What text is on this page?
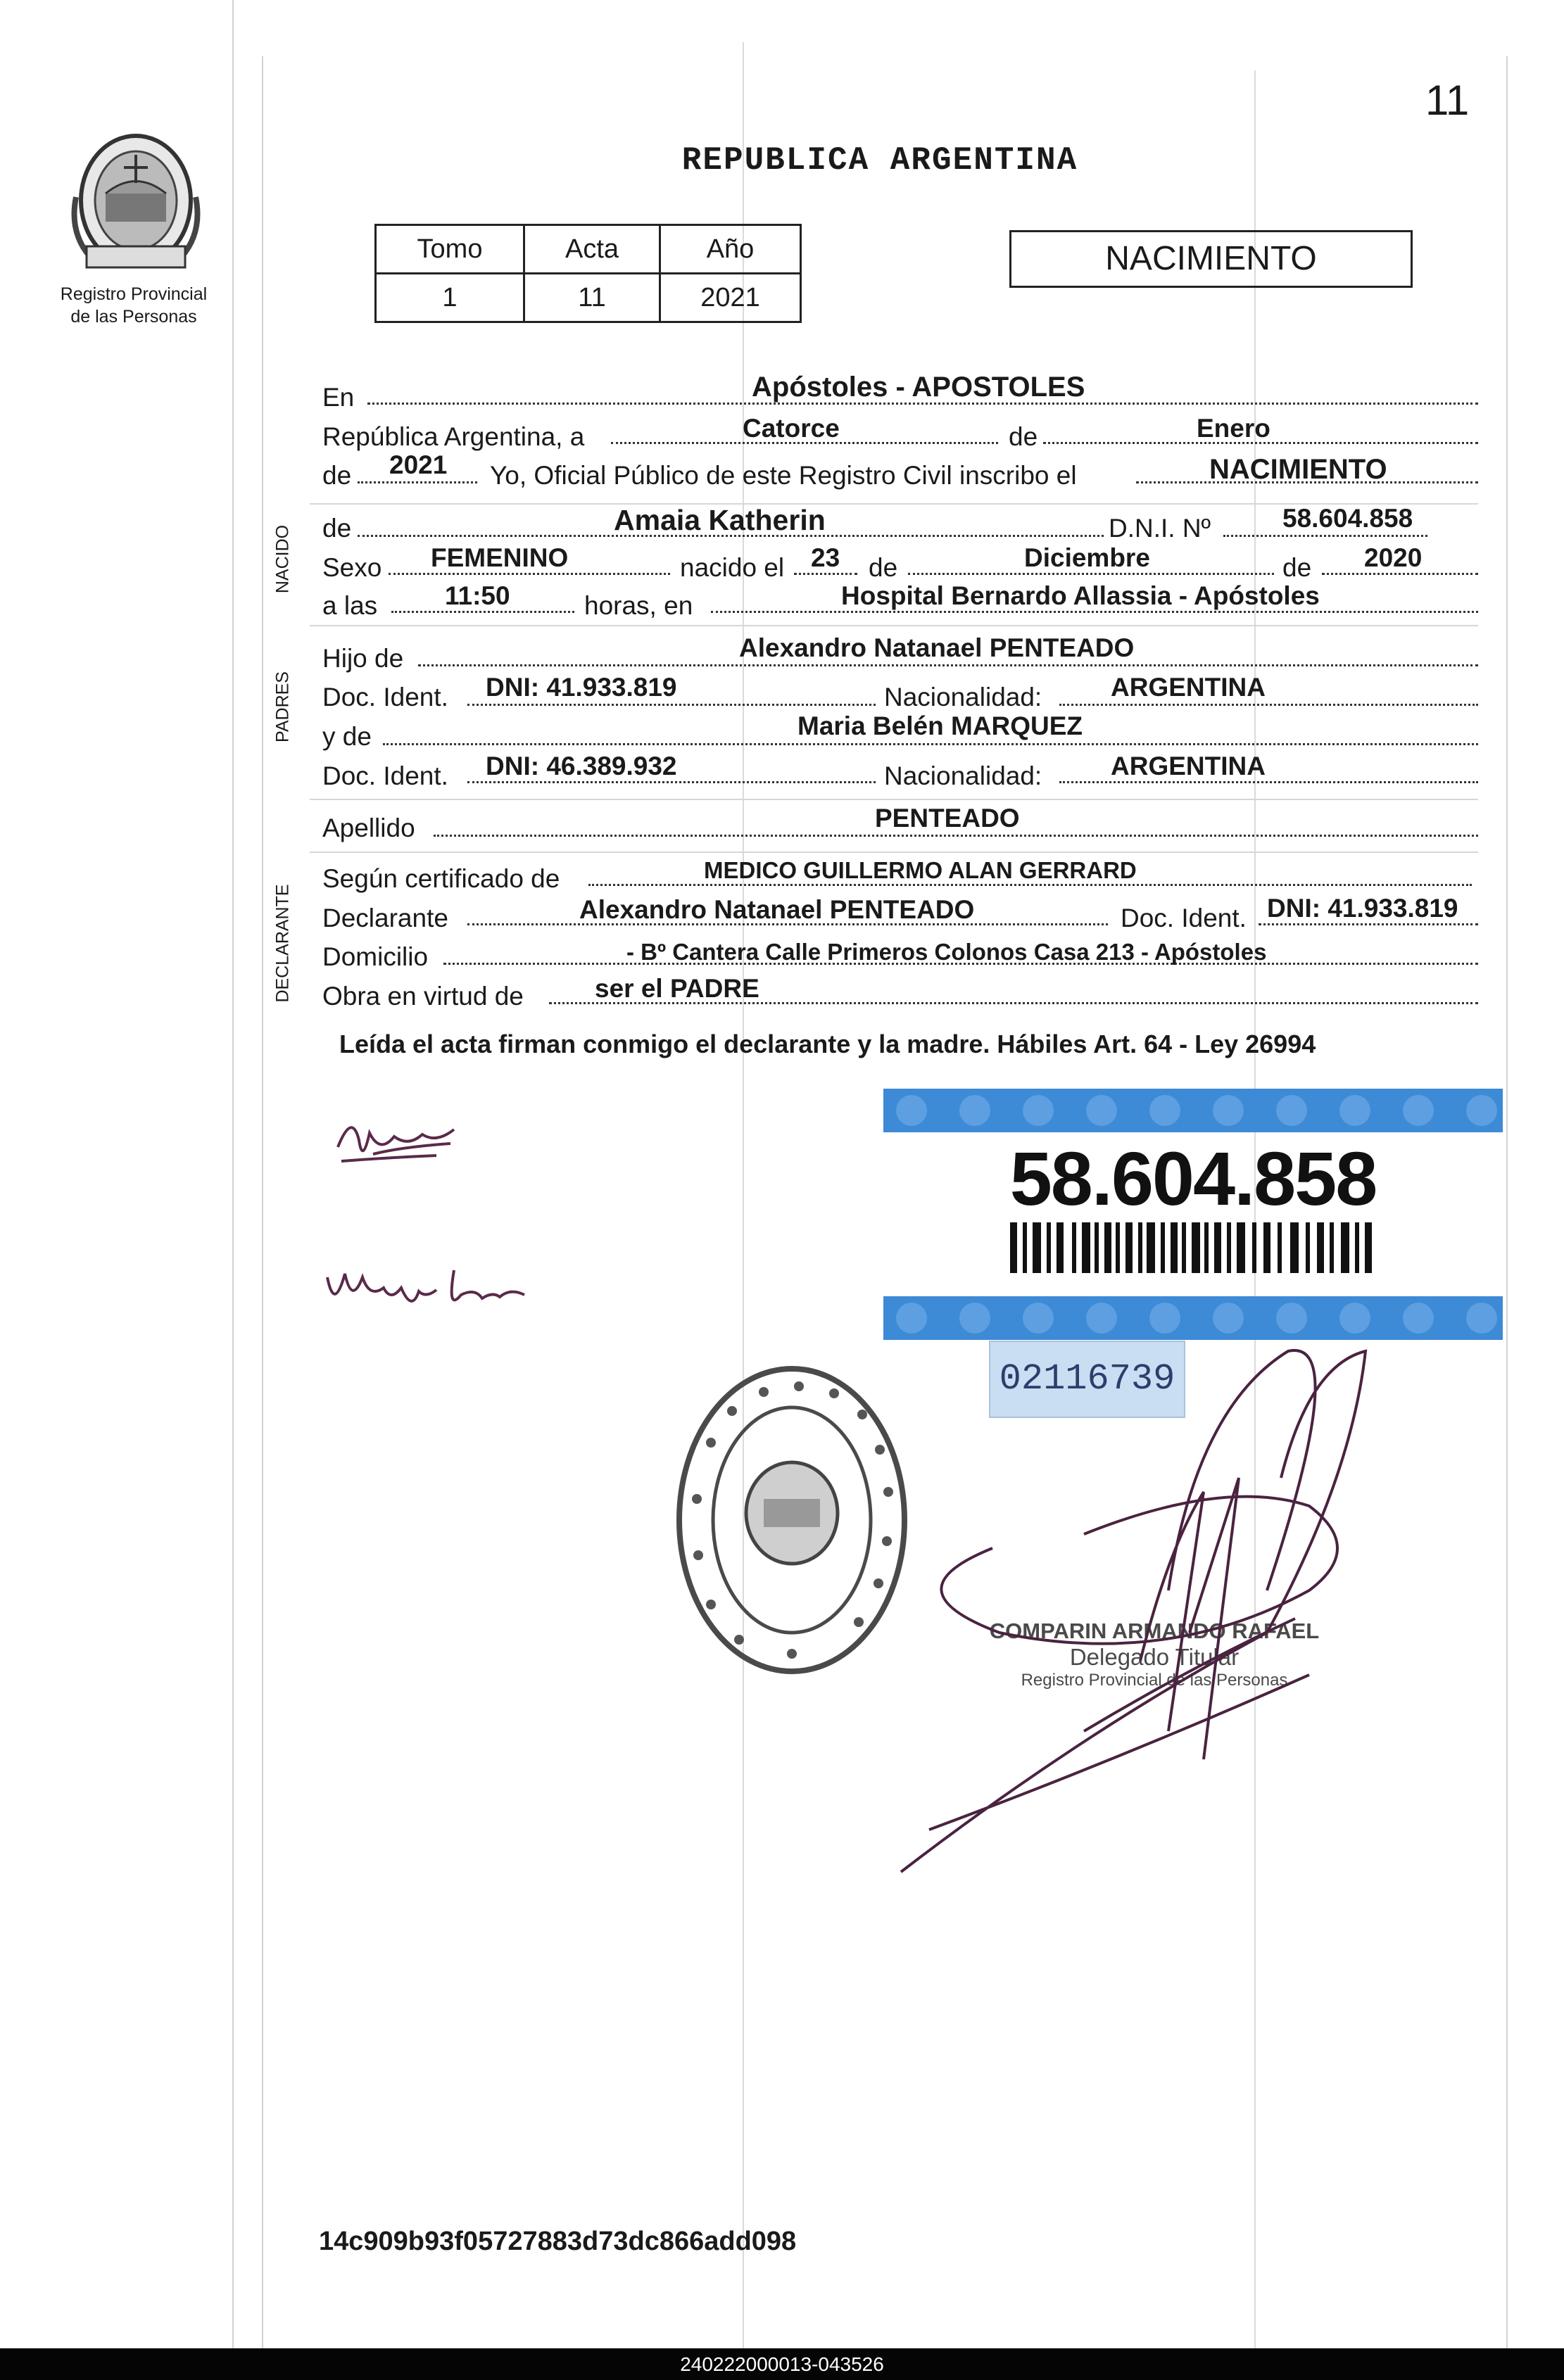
11
REPUBLICA ARGENTINA
Registro Provincial
de las Personas
Tomo	Acta	Año
1	11	2021
NACIMIENTO
En	Apóstoles - APOSTOLES
República Argentina, a	Catorce	de	Enero
de 2021 Yo, Oficial Público de este Registro Civil inscribo el	NACIMIENTO
NACIDO de	Amaia Katherin	D.N.I. Nº	58.604.858
Sexo FEMENINO	nacido el 23 de	Diciembre	de 2020
a las	11:50	horas, en	Hospital Bernardo Allassia - Apóstoles
PADRES
Hijo de	Alexandro Natanael PENTEADO
Doc. Ident. DNI: 41.933.819	Nacionalidad:	ARGENTINA
y de	Maria Belén MARQUEZ
Doc. Ident. DNI: 46.389.932	Nacionalidad:	ARGENTINA
Apellido	PENTEADO
DECLARANTE
Según certificado de	MEDICO GUILLERMO ALAN GERRARD
Declarante	Alexandro Natanael PENTEADO	Doc. Ident. DNI: 41.933.819
Domicilio	- Bº Cantera Calle Primeros Colonos Casa 213 - Apóstoles
Obra en virtud de	ser el PADRE
Leída el acta firman conmigo el declarante y la madre. Hábiles Art. 64 - Ley 26994
58.604.858
02116739
COMPARIN ARMANDO RAFAEL
Delegado Titular
Registro Provincial de las Personas
14c909b93f05727883d73dc866add098
240222000013-043526
